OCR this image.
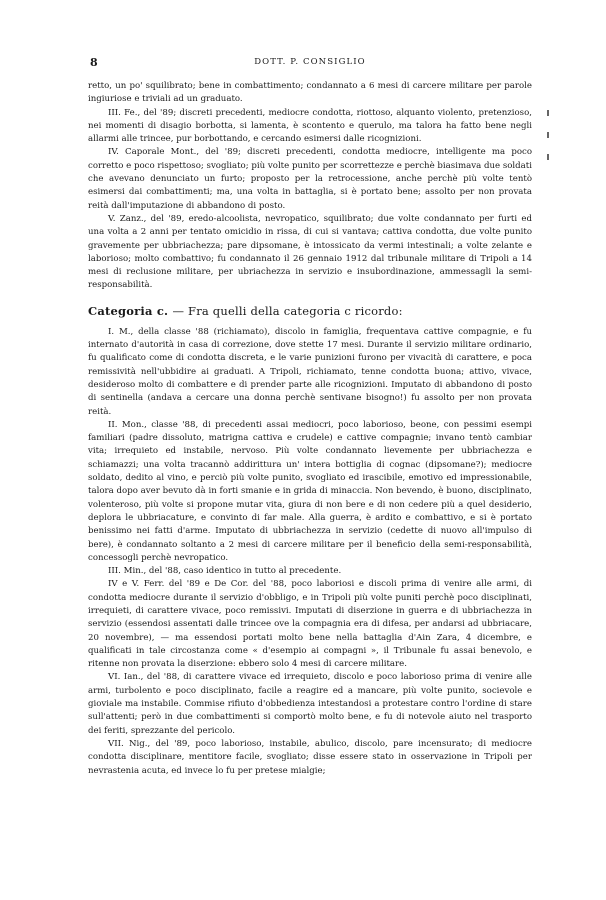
8	DOTT. P. CONSIGLIO

retto, un po' squilibrato; bene in combattimento; condannato a 6 mesi di carcere militare per parole ingiuriose e triviali ad un graduato.

III. Fe., del '89; discreti precedenti, mediocre condotta, riottoso, alquanto violento, pretenzioso, nei momenti di disagio borbotta, si lamenta, è scontento e querulo, ma talora ha fatto bene negli allarmi alle trincee, pur borbottando, e cercando esimersi dalle ricognizioni.

IV. Caporale Mont., del '89; discreti precedenti, condotta mediocre, intelligente ma poco corretto e poco rispettoso; svogliato; più volte punito per scorrettezze e perchè biasimava due soldati che avevano denunciato un furto; proposto per la retrocessione, anche perchè più volte tentò esimersi dai combattimenti; ma, una volta in battaglia, si è portato bene; assolto per non provata reità dall'imputazione di abbandono di posto.

V. Zanz., del '89, eredo-alcoolista, nevropatico, squilibrato; due volte condannato per furti ed una volta a 2 anni per tentato omicidio in rissa, di cui si vantava; cattiva condotta, due volte punito gravemente per ubbriachezza; pare dipsomane, è intossicato da vermi intestinali; a volte zelante e laborioso; molto combattivo; fu condannato il 26 gennaio 1912 dal tribunale militare di Tripoli a 14 mesi di reclusione militare, per ubriachezza in servizio e insubordinazione, ammessagli la semi-responsabilità.

Categoria c. — Fra quelli della categoria c ricordo:

I. M., della classe '88 (richiamato), discolo in famiglia, frequentava cattive compagnie, e fu internato d'autorità in casa di correzione, dove stette 17 mesi. Durante il servizio militare ordinario, fu qualificato come di condotta discreta, e le varie punizioni furono per vivacità di carattere, e poca remissività nell'ubbidire ai graduati. A Tripoli, richiamato, tenne condotta buona; attivo, vivace, desideroso molto di combattere e di prender parte alle ricognizioni. Imputato di abbandono di posto di sentinella (andava a cercare una donna perchè sentivane bisogno!) fu assolto per non provata reità.

II. Mon., classe '88, di precedenti assai mediocri, poco laborioso, beone, con pessimi esempi familiari (padre dissoluto, matrigna cattiva e crudele) e cattive compagnie; invano tentò cambiar vita; irrequieto ed instabile, nervoso. Più volte condannato lievemente per ubbriachezza e schiamazzi; una volta tracannò addirittura un' intera bottiglia di cognac (dipsomane?); mediocre soldato, dedito al vino, e perciò più volte punito, svogliato ed irascibile, emotivo ed impressionabile, talora dopo aver bevuto dà in forti smanie e in grida di minaccia. Non bevendo, è buono, disciplinato, volenteroso, più volte si propone mutar vita, giura di non bere e di non cedere più a quel desiderio, deplora le ubbriacature, e convinto di far male. Alla guerra, è ardito e combattivo, e si è portato benissimo nei fatti d'arme. Imputato di ubbriachezza in servizio (cedette di nuovo all'impulso di bere), è condannato soltanto a 2 mesi di carcere militare per il beneficio della semi-responsabilità, concessogli perchè nevropatico.

III. Min., del '88, caso identico in tutto al precedente.

IV e V. Ferr. del '89 e De Cor. del '88, poco laboriosi e discoli prima di venire alle armi, di condotta mediocre durante il servizio d'obbligo, e in Tripoli più volte puniti perchè poco disciplinati, irrequieti, di carattere vivace, poco remissivi. Imputati di diserzione in guerra e di ubbriachezza in servizio (essendosi assentati dalle trincee ove la compagnia era di difesa, per andarsi ad ubbriacare, 20 novembre), — ma essendosi portati molto bene nella battaglia d'Ain Zara, 4 dicembre, e qualificati in tale circostanza come « d'esempio ai compagni », il Tribunale fu assai benevolo, e ritenne non provata la diserzione: ebbero solo 4 mesi di carcere militare.

VI. Ian., del '88, di carattere vivace ed irrequieto, discolo e poco laborioso prima di venire alle armi, turbolento e poco disciplinato, facile a reagire ed a mancare, più volte punito, socievole e gioviale ma instabile. Commise rifiuto d'obbedienza intestandosi a protestare contro l'ordine di stare sull'attenti; però in due combattimenti si comportò molto bene, e fu di notevole aiuto nel trasporto dei feriti, sprezzante del pericolo.

VII. Nig., del '89, poco laborioso, instabile, abulico, discolo, pare incensurato; di mediocre condotta disciplinare, mentitore facile, svogliato; disse essere stato in osservazione in Tripoli per nevrastenia acuta, ed invece lo fu per pretese mialgie;
